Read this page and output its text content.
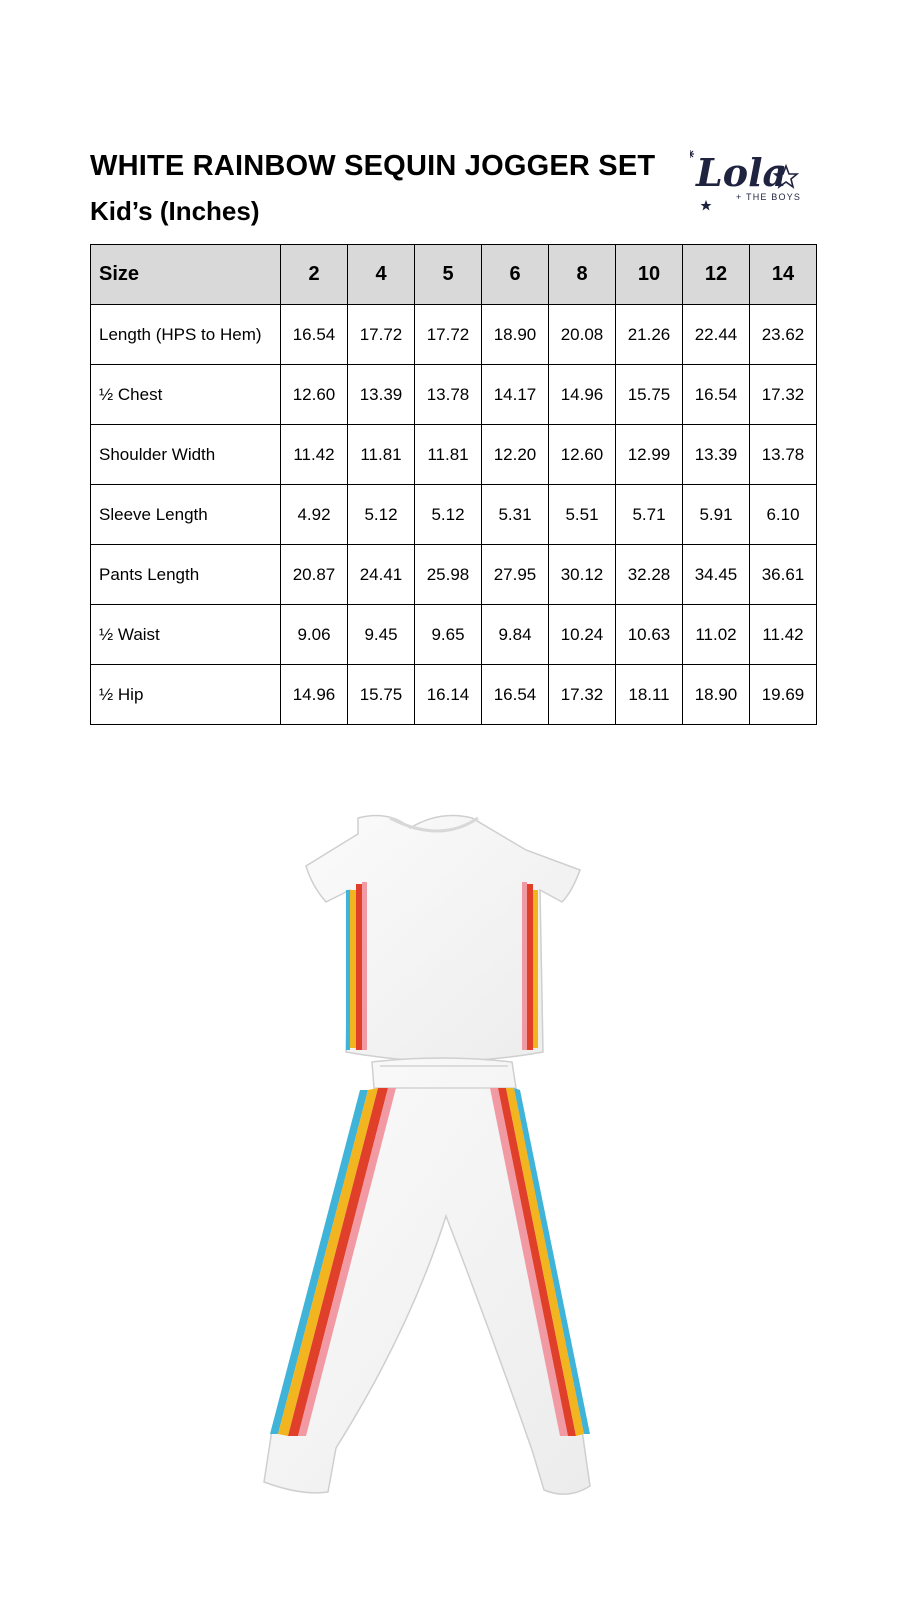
WHITE RAINBOW SEQUIN JOGGER SET
Kid’s (Inches)
Lola
+ THE BOYS
Size	2	4	5	6	8	10	12	14
Length (HPS to Hem)	16.54	17.72	17.72	18.90	20.08	21.26	22.44	23.62
½ Chest	12.60	13.39	13.78	14.17	14.96	15.75	16.54	17.32
Shoulder Width	11.42	11.81	11.81	12.20	12.60	12.99	13.39	13.78
Sleeve Length	4.92	5.12	5.12	5.31	5.51	5.71	5.91	6.10
Pants Length	20.87	24.41	25.98	27.95	30.12	32.28	34.45	36.61
½ Waist	9.06	9.45	9.65	9.84	10.24	10.63	11.02	11.42
½ Hip	14.96	15.75	16.14	16.54	17.32	18.11	18.90	19.69
